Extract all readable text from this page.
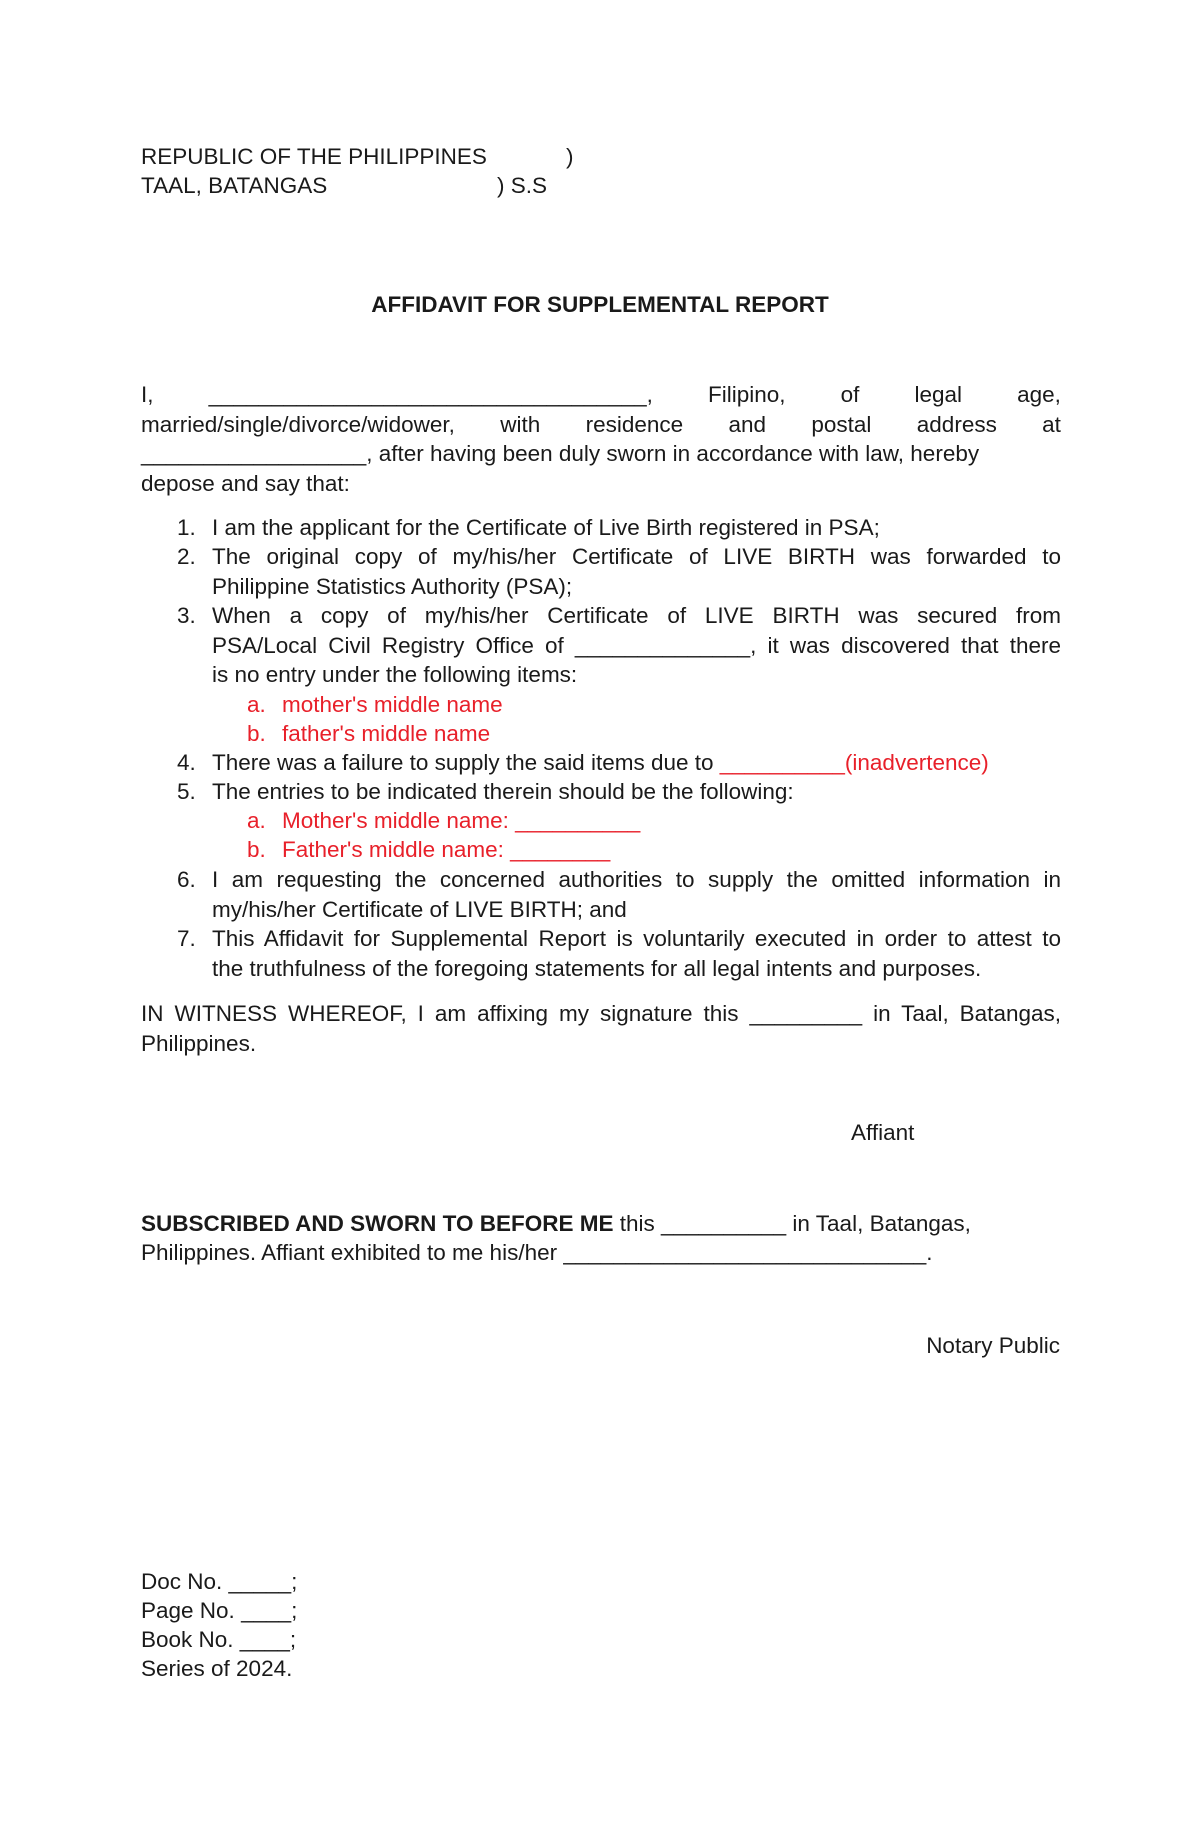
REPUBLIC OF THE PHILIPPINES	)
TAAL, BATANGAS	) S.S
AFFIDAVIT FOR SUPPLEMENTAL REPORT
I, ___________________________________, Filipino, of legal age,
married/single/divorce/widower, with residence and postal address at
__________________, after having been duly sworn in accordance with law, hereby
depose and say that:
1. I am the applicant for the Certificate of Live Birth registered in PSA;
2. The original copy of my/his/her Certificate of LIVE BIRTH was forwarded to
Philippine Statistics Authority (PSA);
3. When a copy of my/his/her Certificate of LIVE BIRTH was secured from
PSA/Local Civil Registry Office of ______________, it was discovered that there
is no entry under the following items:
a. mother's middle name
b. father's middle name
4. There was a failure to supply the said items due to __________(inadvertence)
5. The entries to be indicated therein should be the following:
a. Mother's middle name: __________
b. Father's middle name: ________
6. I am requesting the concerned authorities to supply the omitted information in
my/his/her Certificate of LIVE BIRTH; and
7. This Affidavit for Supplemental Report is voluntarily executed in order to attest to
the truthfulness of the foregoing statements for all legal intents and purposes.
IN WITNESS WHEREOF, I am affixing my signature this _________ in Taal, Batangas,
Philippines.
Affiant
SUBSCRIBED AND SWORN TO BEFORE ME this __________ in Taal, Batangas,
Philippines. Affiant exhibited to me his/her _____________________________.
Notary Public
Doc No. _____;
Page No. ____;
Book No. ____;
Series of 2024.
